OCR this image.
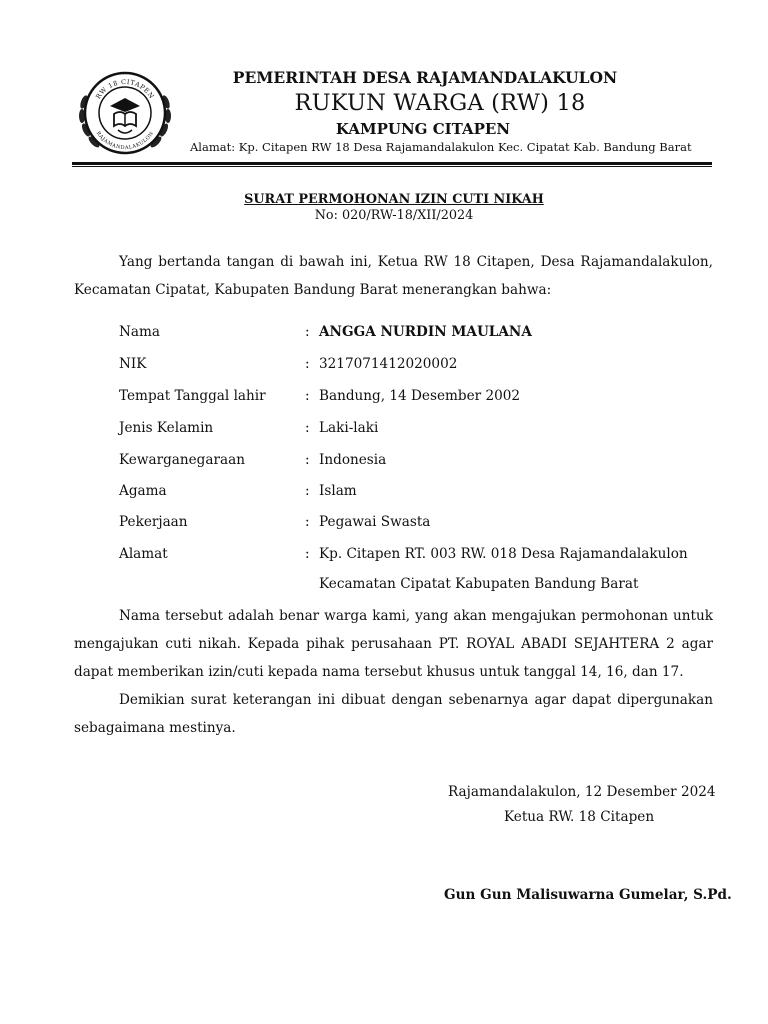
RW 18 CITAPEN
RAJAMANDALAKULON

PEMERINTAH DESA RAJAMANDALAKULON

RUKUN WARGA (RW) 18

KAMPUNG CITAPEN

Alamat: Kp. Citapen RW 18 Desa Rajamandalakulon Kec. Cipatat Kab. Bandung Barat

SURAT PERMOHONAN IZIN CUTI NIKAH

No: 020/RW-18/XII/2024

Yang bertanda tangan di bawah ini, Ketua RW 18 Citapen, Desa Rajamandalakulon, Kecamatan Cipatat, Kabupaten Bandung Barat menerangkan bahwa:

Nama	: ANGGA NURDIN MAULANA
NIK	: 3217071412020002
Tempat Tanggal lahir	: Bandung, 14 Desember 2002
Jenis Kelamin	: Laki-laki
Kewarganegaraan	: Indonesia
Agama	: Islam
Pekerjaan	: Pegawai Swasta
Alamat	: Kp. Citapen RT. 003 RW. 018 Desa Rajamandalakulon
Kecamatan Cipatat Kabupaten Bandung Barat

Nama tersebut adalah benar warga kami, yang akan mengajukan permohonan untuk mengajukan cuti nikah. Kepada pihak perusahaan PT. ROYAL ABADI SEJAHTERA 2 agar dapat memberikan izin/cuti kepada nama tersebut khusus untuk tanggal 14, 16, dan 17.

Demikian surat keterangan ini dibuat dengan sebenarnya agar dapat dipergunakan sebagaimana mestinya.

Rajamandalakulon, 12 Desember 2024

Ketua RW. 18 Citapen

Gun Gun Malisuwarna Gumelar, S.Pd.
